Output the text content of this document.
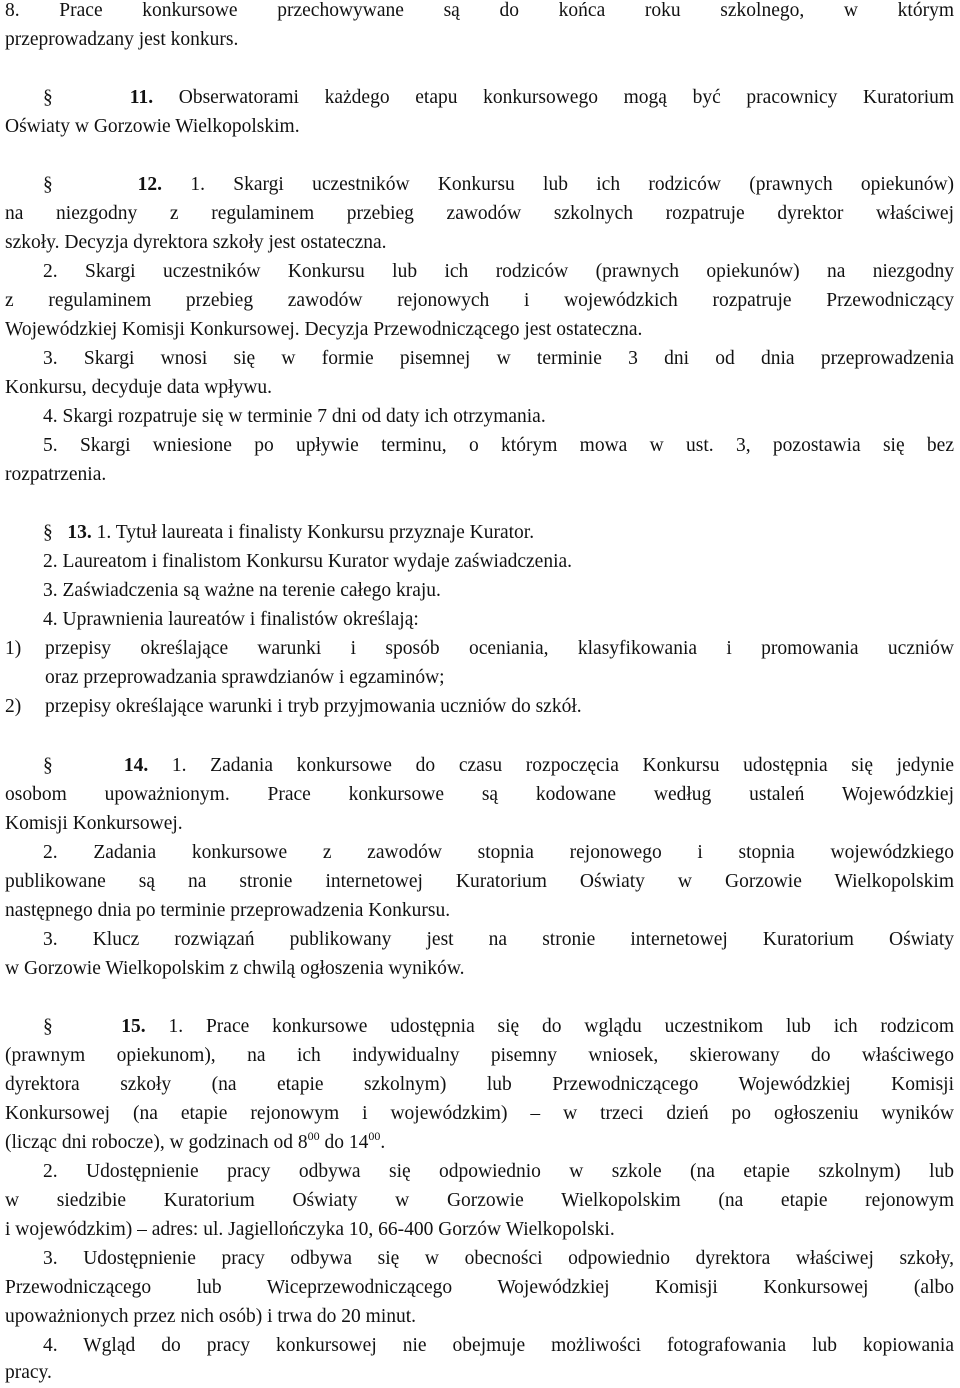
8. Prace konkursowe przechowywane są do końca roku szkolnego, w którym
przeprowadzany jest konkurs.
§	11. Obserwatorami każdego etapu konkursowego mogą być pracownicy Kuratorium
Oświaty w Gorzowie Wielkopolskim.
§	12. 1. Skargi uczestników Konkursu lub ich rodziców (prawnych opiekunów)
na niezgodny z regulaminem przebieg zawodów szkolnych rozpatruje dyrektor właściwej
szkoły. Decyzja dyrektora szkoły jest ostateczna.
2. Skargi uczestników Konkursu lub ich rodziców (prawnych opiekunów) na niezgodny
z regulaminem przebieg zawodów rejonowych i wojewódzkich rozpatruje Przewodniczący
Wojewódzkiej Komisji Konkursowej. Decyzja Przewodniczącego jest ostateczna.
3. Skargi wnosi się w formie pisemnej w terminie 3 dni od dnia przeprowadzenia
Konkursu, decyduje data wpływu.
4. Skargi rozpatruje się w terminie 7 dni od daty ich otrzymania.
5. Skargi wniesione po upływie terminu, o którym mowa w ust. 3, pozostawia się bez
rozpatrzenia.
§ 13. 1. Tytuł laureata i finalisty Konkursu przyznaje Kurator.
2. Laureatom i finalistom Konkursu Kurator wydaje zaświadczenia.
3. Zaświadczenia są ważne na terenie całego kraju.
4. Uprawnienia laureatów i finalistów określają:
1) przepisy określające warunki i sposób oceniania, klasyfikowania i promowania uczniów
oraz przeprowadzania sprawdzianów i egzaminów;
2) przepisy określające warunki i tryb przyjmowania uczniów do szkół.
§	14. 1. Zadania konkursowe do czasu rozpoczęcia Konkursu udostępnia się jedynie
osobom upoważnionym. Prace konkursowe są kodowane według ustaleń Wojewódzkiej
Komisji Konkursowej.
2. Zadania konkursowe z zawodów stopnia rejonowego i stopnia wojewódzkiego
publikowane są na stronie internetowej Kuratorium Oświaty w Gorzowie Wielkopolskim
następnego dnia po terminie przeprowadzenia Konkursu.
3. Klucz rozwiązań publikowany jest na stronie internetowej Kuratorium Oświaty
w Gorzowie Wielkopolskim z chwilą ogłoszenia wyników.
§	15. 1. Prace konkursowe udostępnia się do wglądu uczestnikom lub ich rodzicom
(prawnym opiekunom), na ich indywidualny pisemny wniosek, skierowany do właściwego
dyrektora szkoły (na etapie szkolnym) lub Przewodniczącego Wojewódzkiej Komisji
Konkursowej (na etapie rejonowym i wojewódzkim) – w trzeci dzień po ogłoszeniu wyników
(licząc dni robocze), w godzinach od $8^{00}$ do $14^{00}$.
2. Udostępnienie pracy odbywa się odpowiednio w szkole (na etapie szkolnym) lub
w siedzibie Kuratorium Oświaty w Gorzowie Wielkopolskim (na etapie rejonowym
i wojewódzkim) – adres: ul. Jagiellończyka 10, 66-400 Gorzów Wielkopolski.
3. Udostępnienie pracy odbywa się w obecności odpowiednio dyrektora właściwej szkoły,
Przewodniczącego lub Wiceprzewodniczącego Wojewódzkiej Komisji Konkursowej (albo
upoważnionych przez nich osób) i trwa do 20 minut.
4. Wgląd do pracy konkursowej nie obejmuje możliwości fotografowania lub kopiowania
pracy.
